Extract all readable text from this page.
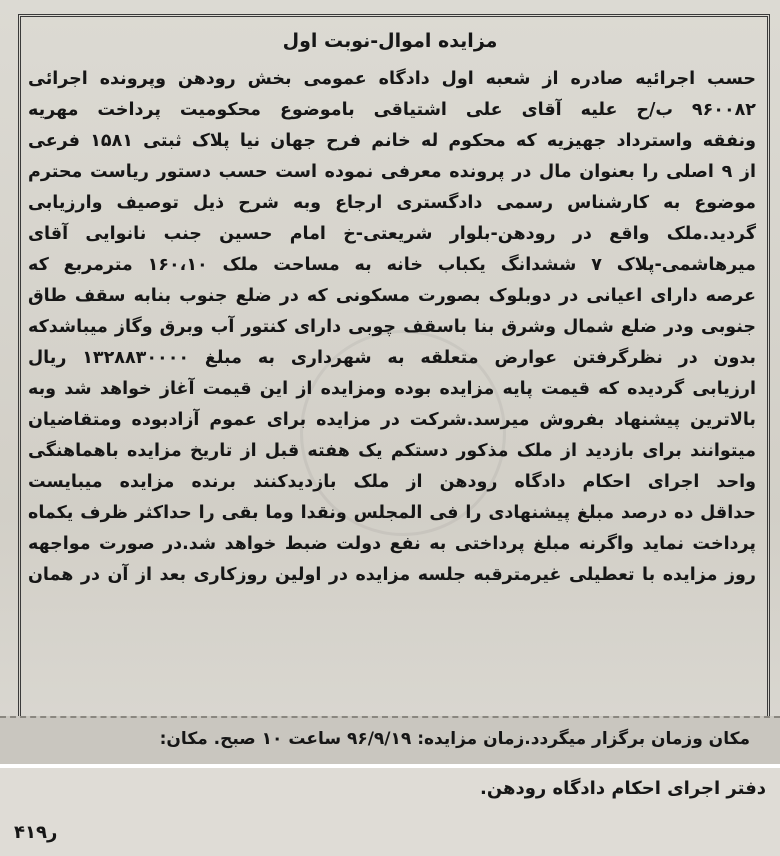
مزایده اموال-نوبت اول
حسب اجرائیه صادره از شعبه اول دادگاه عمومی بخش رودهن وپرونده اجرائی
۹۶۰۰۸۲ ب/ح علیه آقای علی اشتیاقی باموضوع محکومیت پرداخت مهریه
ونفقه واسترداد جهیزیه که محکوم له خانم فرح جهان نیا پلاک ثبتی ۱۵۸۱ فرعی
از ۹ اصلی را بعنوان مال در پرونده معرفی نموده است حسب دستور ریاست محترم
موضوع به کارشناس رسمی دادگستری ارجاع وبه شرح ذیل توصیف وارزیابی
گردید.ملک واقع در رودهن-بلوار شریعتی-خ امام حسین جنب نانوایی آقای
میرهاشمی-پلاک ۷ ششدانگ یکباب خانه به مساحت ملک ۱۶۰،۱۰ مترمربع که
عرصه دارای اعیانی در دوبلوک بصورت مسکونی که در ضلع جنوب بنابه سقف طاق
جنوبی ودر ضلع شمال وشرق بنا باسقف چوبی دارای کنتور آب وبرق وگاز میباشدکه
بدون در نظرگرفتن عوارض متعلقه به شهرداری به مبلغ ۱۳۲۸۸۳۰۰۰۰ ریال
ارزیابی گردیده که قیمت پایه مزایده بوده ومزایده از این قیمت آغاز خواهد شد وبه
بالاترین پیشنهاد بفروش میرسد.شرکت در مزایده برای عموم آزادبوده ومتقاضیان
میتوانند برای بازدید از ملک مذکور دستکم یک هفته قبل از تاریخ مزایده باهماهنگی
واحد اجرای احکام دادگاه رودهن از ملک بازدیدکنند برنده مزایده میبایست
حداقل ده درصد مبلغ پیشنهادی را فی المجلس ونقدا وما بقی را حداکثر ظرف یکماه
پرداخت نماید واگرنه مبلغ پرداختی به نفع دولت ضبط خواهد شد.در صورت مواجهه
روز مزایده با تعطیلی غیرمترقبه جلسه مزایده در اولین روزکاری بعد از آن در همان
مکان وزمان برگزار میگردد.زمان مزایده: ۹۶/۹/۱۹ ساعت ۱۰ صبح. مکان:
دفتر اجرای احکام دادگاه رودهن.
ر۴۱۹
